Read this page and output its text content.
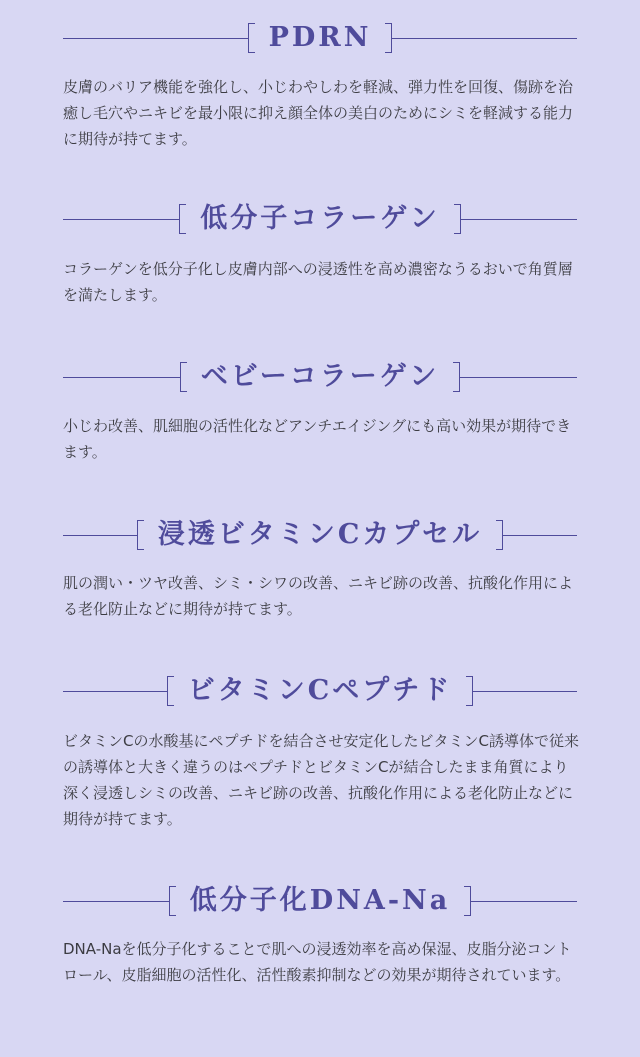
PDRN

皮膚のバリア機能を強化し、小じわやしわを軽減、弾力性を回復、傷跡を治癒し毛穴やニキビを最小限に抑え顔全体の美白のためにシミを軽減する能力に期待が持てます。

低分子コラーゲン

コラーゲンを低分子化し皮膚内部への浸透性を高め濃密なうるおいで角質層を満たします。

ベビーコラーゲン

小じわ改善、肌細胞の活性化などアンチエイジングにも高い効果が期待できます。

浸透ビタミンCカプセル

肌の潤い・ツヤ改善、シミ・シワの改善、ニキビ跡の改善、抗酸化作用による老化防止などに期待が持てます。

ビタミンCペプチド

ビタミンCの水酸基にペプチドを結合させ安定化したビタミンC誘導体で従来の誘導体と大きく違うのはペプチドとビタミンCが結合したまま角質により深く浸透しシミの改善、ニキビ跡の改善、抗酸化作用による老化防止などに期待が持てます。

低分子化DNA-Na

DNA-Naを低分子化することで肌への浸透効率を高め保湿、皮脂分泌コントロール、皮脂細胞の活性化、活性酸素抑制などの効果が期待されています。
